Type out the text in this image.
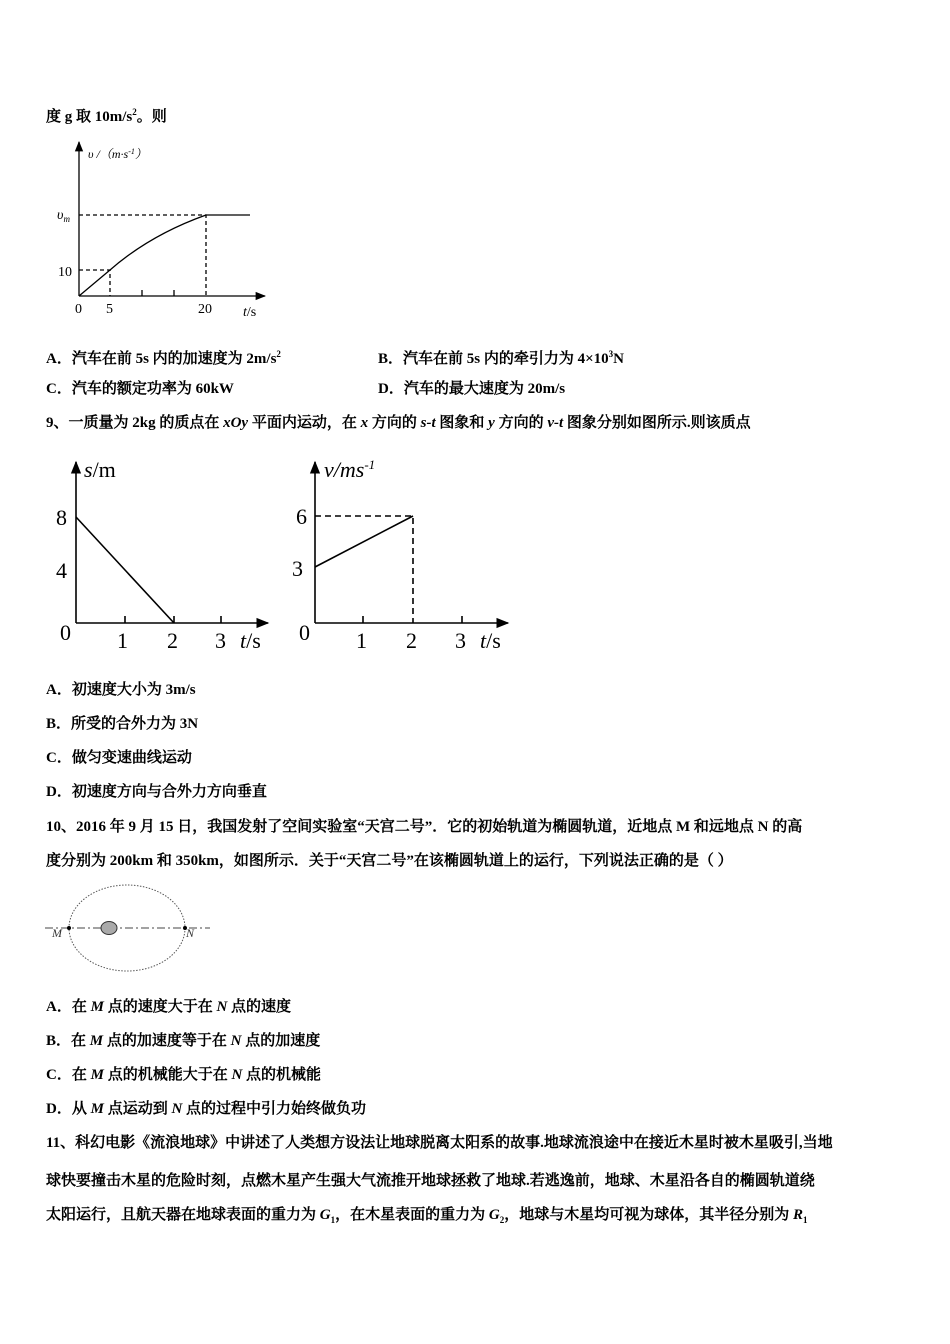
度 g 取 $10m/s^2$。则
υ $/(m\cdot s^{-1})$
$\upsilon_m$
10
0 5	20 t/s
s/m
8
4
0 1 2 3 t/s
$v/ms^{-1}$
6
3
0 1 2 3 t/s
M	N
A．汽车在前 5s 内的加速度为 $2m/s^2$	B．汽车在前 5s 内的牵引力为 $4\times 10^3N$
C．汽车的额定功率为 60kW	D．汽车的最大速度为 20m/s
9、一质量为 2kg 的质点在 xOy 平面内运动，在 x 方向的 s-t 图象和 y 方向的 v-t 图象分别如图所示.则该质点
A．初速度大小为 3m/s
B．所受的合外力为 3N
C．做匀变速曲线运动
D．初速度方向与合外力方向垂直
10、2016 年 9 月 15 日，我国发射了空间实验室“天宫二号”．它的初始轨道为椭圆轨道，近地点 M 和远地点 N 的高
度分别为 200km 和 350km，如图所示．关于“天宫二号”在该椭圆轨道上的运行，下列说法正确的是（ ）
A．在 M 点的速度大于在 N 点的速度
B．在 M 点的加速度等于在 N 点的加速度
C．在 M 点的机械能大于在 N 点的机械能
D．从 M 点运动到 N 点的过程中引力始终做负功
11、科幻电影《流浪地球》中讲述了人类想方设法让地球脱离太阳系的故事.地球流浪途中在接近木星时被木星吸引,当地
球快要撞击木星的危险时刻，点燃木星产生强大气流推开地球拯救了地球.若逃逸前，地球、木星沿各自的椭圆轨道绕
太阳运行，且航天器在地球表面的重力为 $G_1$，在木星表面的重力为 $G_2$，地球与木星均可视为球体，其半径分别为 $R_1$
